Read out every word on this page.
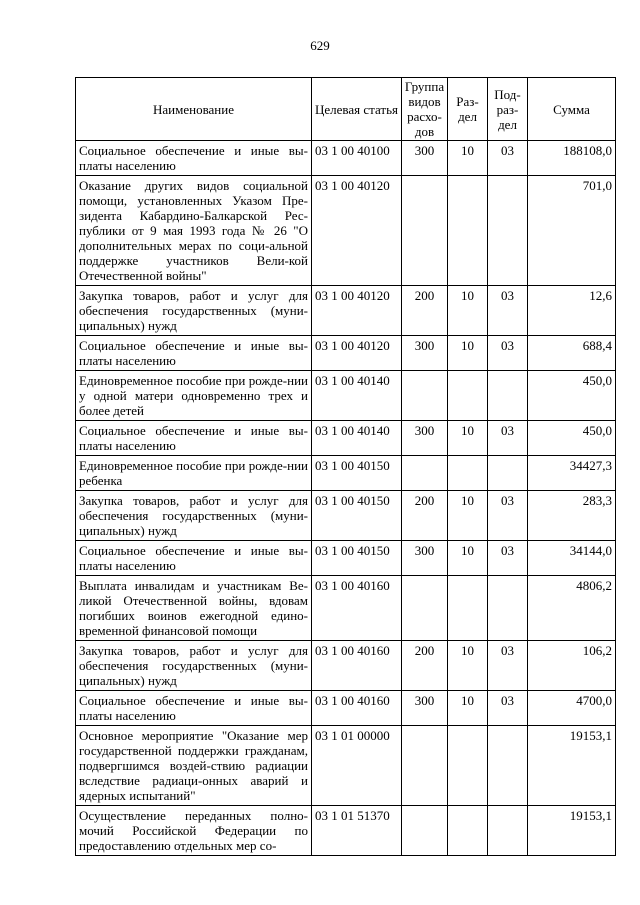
629
Наименование	Целевая статья	Группа видов расхо-дов	Раз-дел	Под-раз-дел	Сумма
Социальное обеспечение и иные вы-платы населению	03 1 00 40100	300	10	03	188108,0
Оказание других видов социальной помощи, установленных Указом Пре-зидента Кабардино-Балкарской Рес-публики от 9 мая 1993 года № 26 "О дополнительных мерах по соци-альной поддержке участников Вели-кой Отечественной войны"	03 1 00 40120				701,0
Закупка товаров, работ и услуг для обеспечения государственных (муни-ципальных) нужд	03 1 00 40120	200	10	03	12,6
Социальное обеспечение и иные вы-платы населению	03 1 00 40120	300	10	03	688,4
Единовременное пособие при рожде-нии у одной матери одновременно трех и более детей	03 1 00 40140				450,0
Социальное обеспечение и иные вы-платы населению	03 1 00 40140	300	10	03	450,0
Единовременное пособие при рожде-нии ребенка	03 1 00 40150				34427,3
Закупка товаров, работ и услуг для обеспечения государственных (муни-ципальных) нужд	03 1 00 40150	200	10	03	283,3
Социальное обеспечение и иные вы-платы населению	03 1 00 40150	300	10	03	34144,0
Выплата инвалидам и участникам Ве-ликой Отечественной войны, вдовам погибших воинов ежегодной едино-временной финансовой помощи	03 1 00 40160				4806,2
Закупка товаров, работ и услуг для обеспечения государственных (муни-ципальных) нужд	03 1 00 40160	200	10	03	106,2
Социальное обеспечение и иные вы-платы населению	03 1 00 40160	300	10	03	4700,0
Основное мероприятие "Оказание мер государственной поддержки гражданам, подвергшимся воздей-ствию радиации вследствие радиаци-онных аварий и ядерных испытаний"	03 1 01 00000				19153,1
Осуществление переданных полно-мочий Российской Федерации по предоставлению отдельных мер со-	03 1 01 51370				19153,1
